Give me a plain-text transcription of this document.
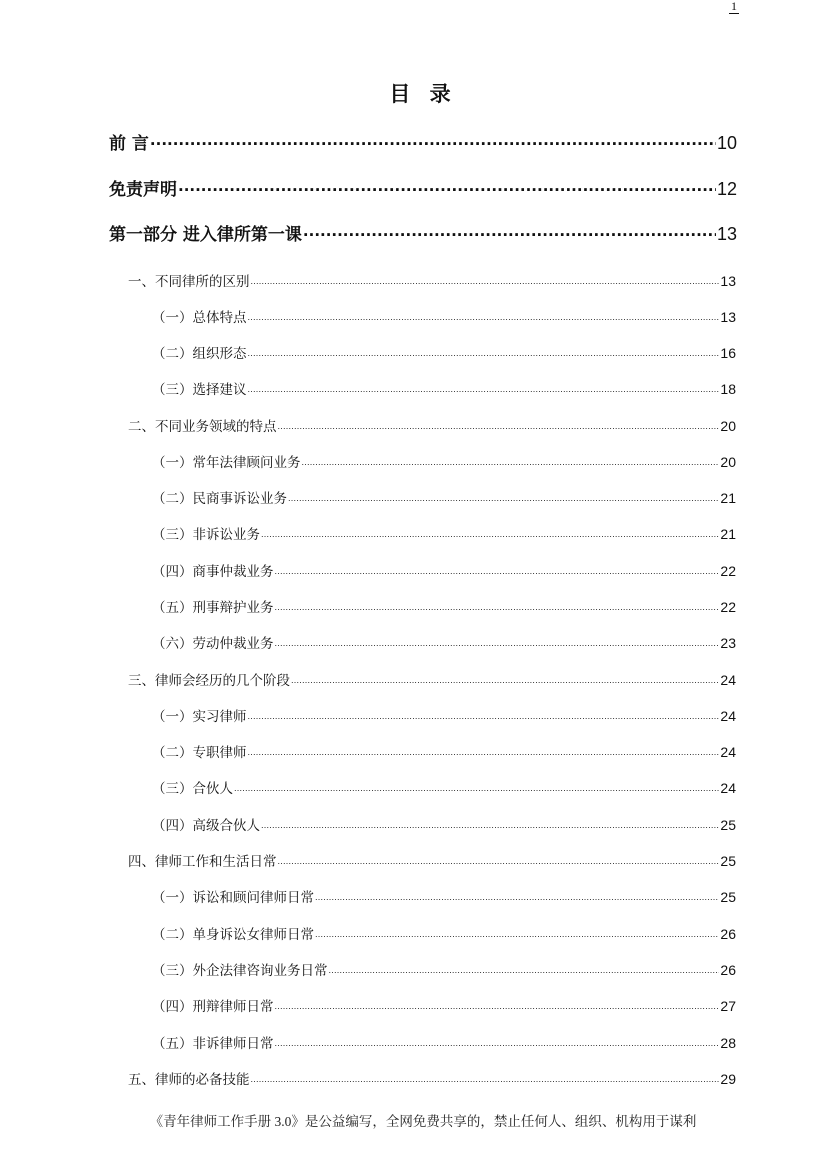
1
目 录
前 言 .....	10
免责声明 .....	12
第一部分 进入律所第一课 .....	13
一、不同律所的区别 .....	13
（一）总体特点 .....	13
（二）组织形态 .....	16
（三）选择建议 .....	18
二、不同业务领域的特点 .....	20
（一）常年法律顾问业务 .....	20
（二）民商事诉讼业务 .....	21
（三）非诉讼业务 .....	21
（四）商事仲裁业务 .....	22
（五）刑事辩护业务 .....	22
（六）劳动仲裁业务 .....	23
三、律师会经历的几个阶段 .....	24
（一）实习律师 .....	24
（二）专职律师 .....	24
（三）合伙人 .....	24
（四）高级合伙人 .....	25
四、律师工作和生活日常 .....	25
（一）诉讼和顾问律师日常 .....	25
（二）单身诉讼女律师日常 .....	26
（三）外企法律咨询业务日常 .....	26
（四）刑辩律师日常 .....	27
（五）非诉律师日常 .....	28
五、律师的必备技能 .....	29
《青年律师工作手册 3.0》是公益编写，全网免费共享的，禁止任何人、组织、机构用于谋利
